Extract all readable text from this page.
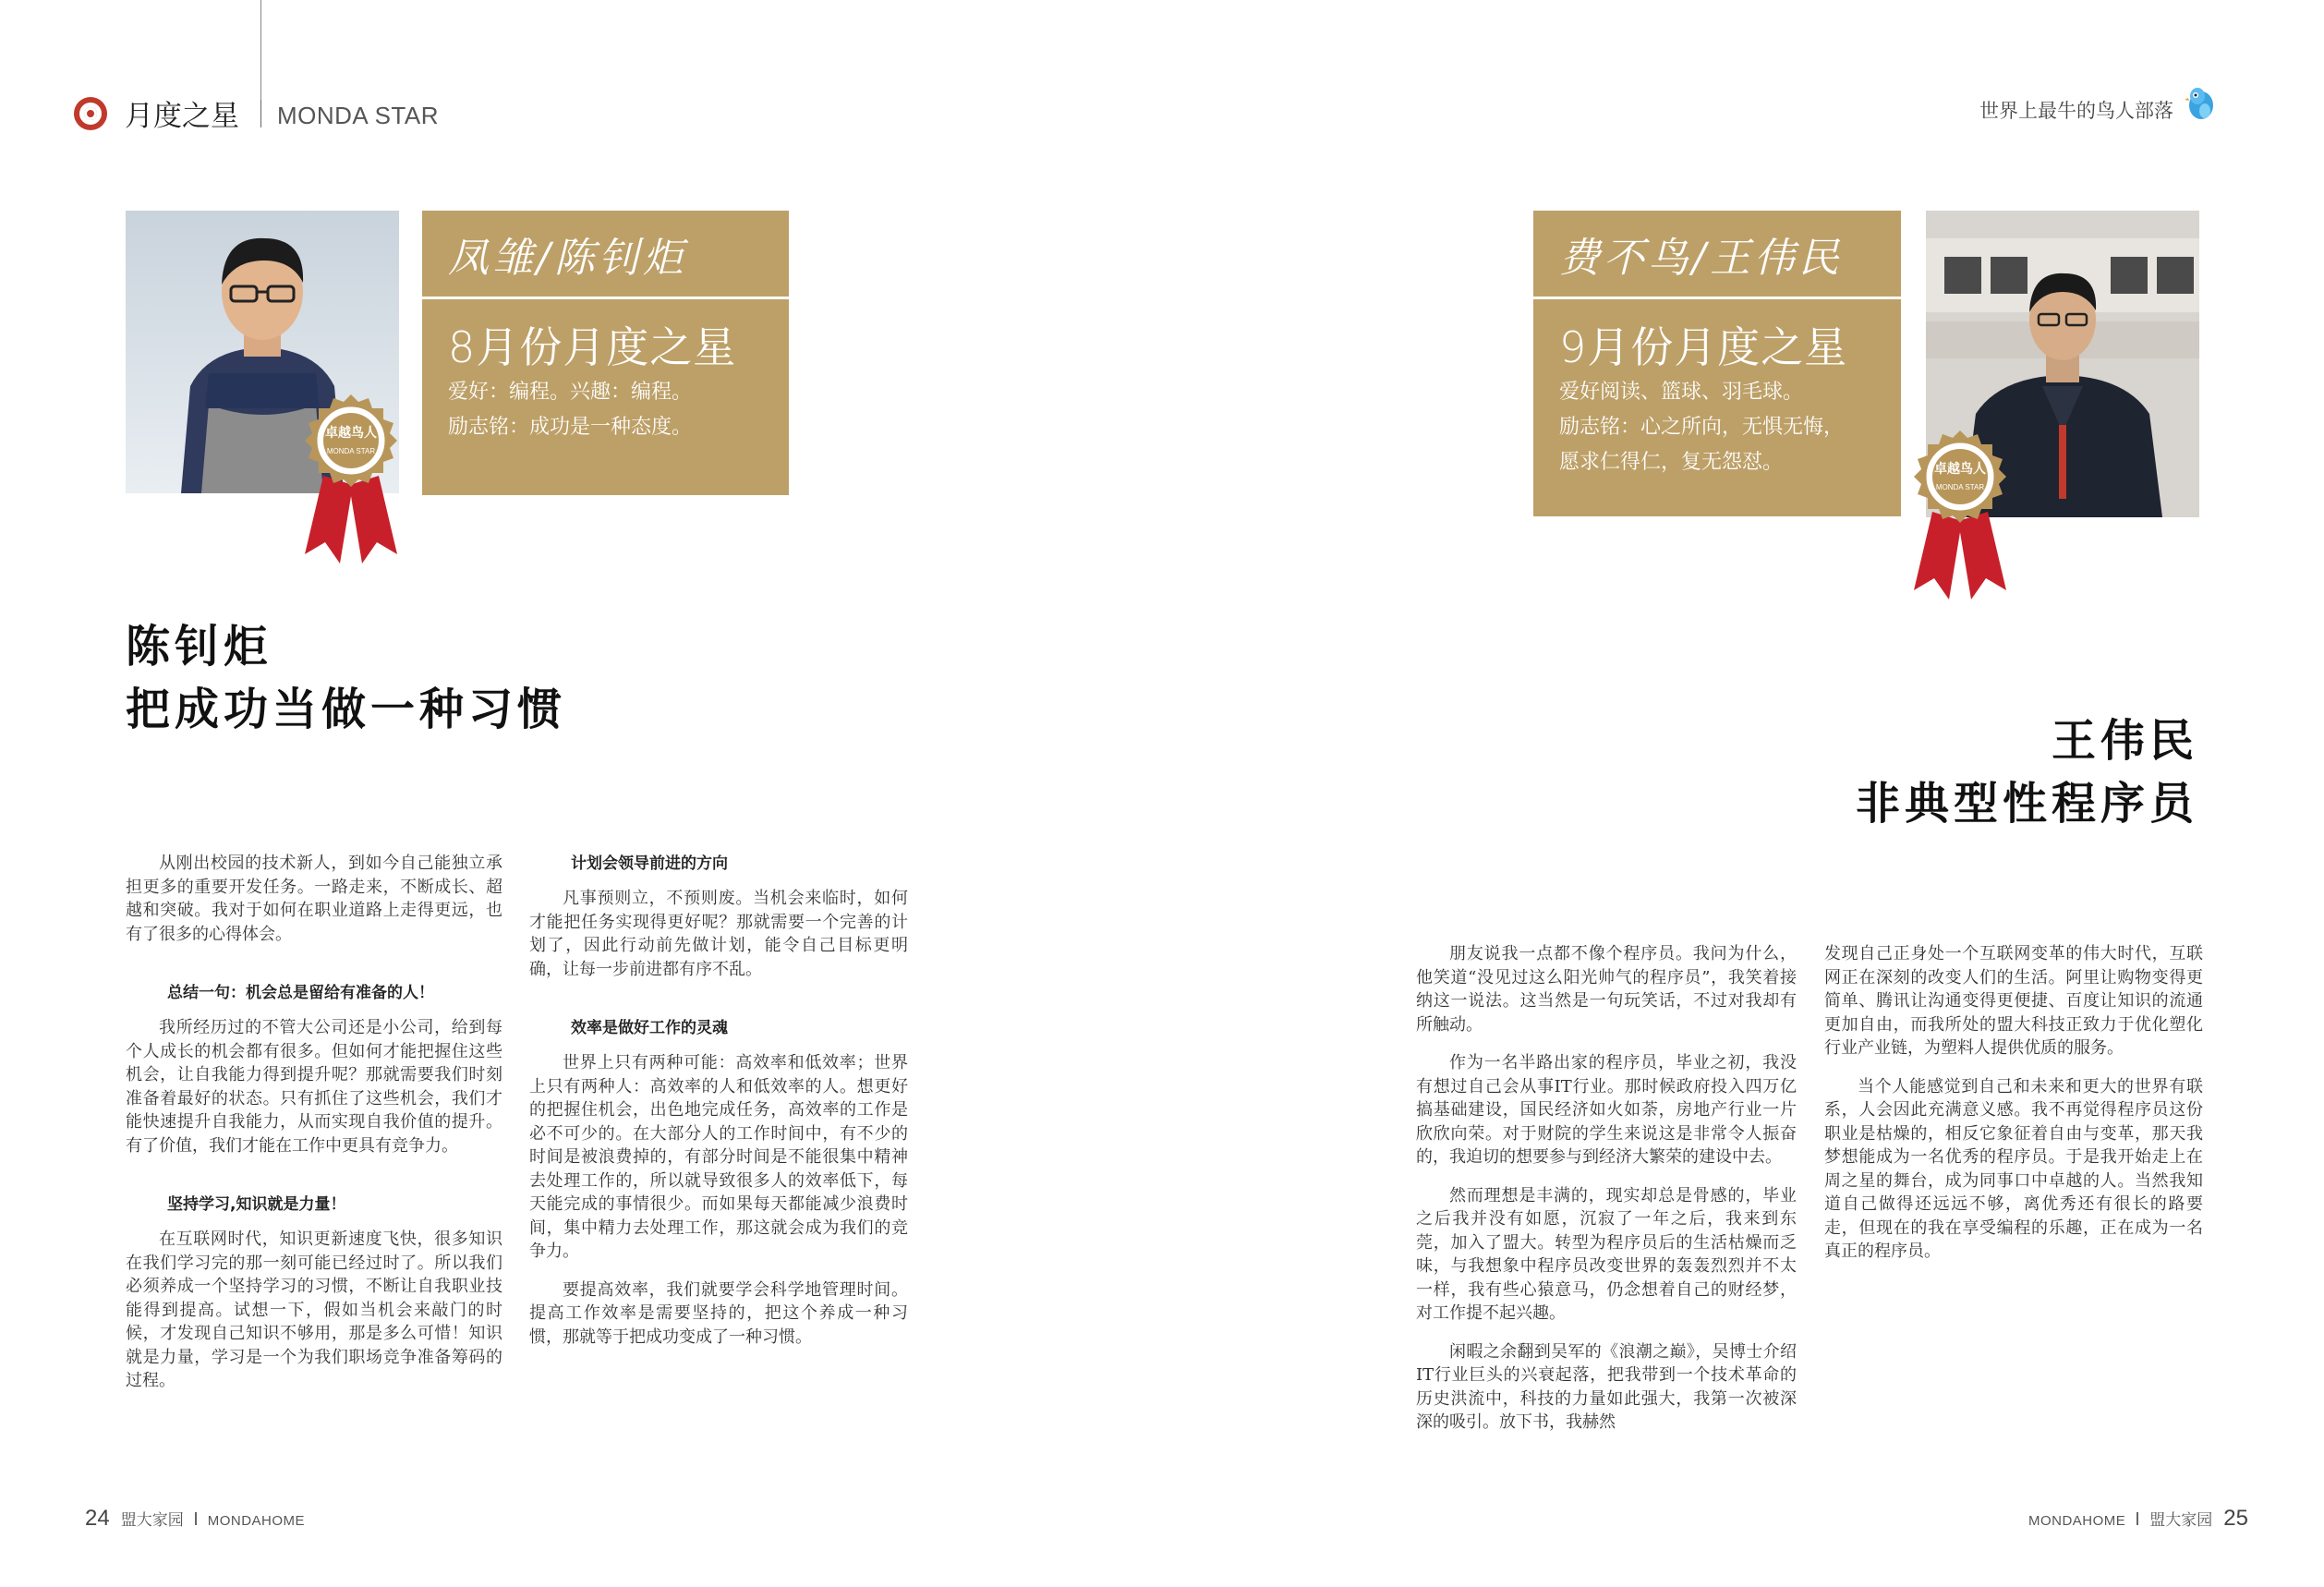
月度之星 MONDA STAR	世界上最牛的鸟人部落
凤雏/陈钊炬
8月份月度之星
爱好：编程。兴趣：编程。
励志铭：成功是一种态度。
卓越鸟人
MONDA STAR
陈钊炬
把成功当做一种习惯

从刚出校园的技术新人，到如今自己能独立承担更多的重要开发任务。一路走来，不断成长、超越和突破。我对于如何在职业道路上走得更远，也有了很多的心得体会。

总结一句：机会总是留给有准备的人！

我所经历过的不管大公司还是小公司，给到每个人成长的机会都有很多。但如何才能把握住这些机会，让自我能力得到提升呢？那就需要我们时刻准备着最好的状态。只有抓住了这些机会，我们才能快速提升自我能力，从而实现自我价值的提升。有了价值，我们才能在工作中更具有竞争力。

坚持学习,知识就是力量！

在互联网时代，知识更新速度飞快，很多知识在我们学习完的那一刻可能已经过时了。所以我们必须养成一个坚持学习的习惯，不断让自我职业技能得到提高。试想一下，假如当机会来敲门的时候，才发现自己知识不够用，那是多么可惜！知识就是力量，学习是一个为我们职场竞争准备筹码的过程。

计划会领导前进的方向

凡事预则立，不预则废。当机会来临时，如何才能把任务实现得更好呢？那就需要一个完善的计划了，因此行动前先做计划，能令自己目标更明确，让每一步前进都有序不乱。

效率是做好工作的灵魂

世界上只有两种可能：高效率和低效率；世界上只有两种人：高效率的人和低效率的人。想更好的把握住机会，出色地完成任务，高效率的工作是必不可少的。在大部分人的工作时间中，有不少的时间是被浪费掉的，有部分时间是不能很集中精神去处理工作的，所以就导致很多人的效率低下，每天能完成的事情很少。而如果每天都能减少浪费时间，集中精力去处理工作，那这就会成为我们的竞争力。

要提高效率，我们就要学会科学地管理时间。提高工作效率是需要坚持的，把这个养成一种习惯，那就等于把成功变成了一种习惯。

24 盟大家园 MONDAHOME
费不鸟/王伟民
9月份月度之星
爱好阅读、篮球、羽毛球。
励志铭：心之所向，无惧无悔，
愿求仁得仁，复无怨怼。	卓越鸟人
MONDA STAR
王伟民
非典型性程序员

朋友说我一点都不像个程序员。我问为什么，他笑道“没见过这么阳光帅气的程序员”，我笑着接纳这一说法。这当然是一句玩笑话，不过对我却有所触动。

作为一名半路出家的程序员，毕业之初，我没有想过自己会从事IT行业。那时候政府投入四万亿搞基础建设，国民经济如火如荼，房地产行业一片欣欣向荣。对于财院的学生来说这是非常令人振奋的，我迫切的想要参与到经济大繁荣的建设中去。

然而理想是丰满的，现实却总是骨感的，毕业之后我并没有如愿，沉寂了一年之后，我来到东莞，加入了盟大。转型为程序员后的生活枯燥而乏味，与我想象中程序员改变世界的轰轰烈烈并不太一样，我有些心猿意马，仍念想着自己的财经梦，对工作提不起兴趣。

闲暇之余翻到吴军的《浪潮之巅》，吴博士介绍IT行业巨头的兴衰起落，把我带到一个技术革命的历史洪流中，科技的力量如此强大，我第一次被深深的吸引。放下书，我赫然

发现自己正身处一个互联网变革的伟大时代，互联网正在深刻的改变人们的生活。阿里让购物变得更简单、腾讯让沟通变得更便捷、百度让知识的流通更加自由，而我所处的盟大科技正致力于优化塑化行业产业链，为塑料人提供优质的服务。

当个人能感觉到自己和未来和更大的世界有联系，人会因此充满意义感。我不再觉得程序员这份职业是枯燥的，相反它象征着自由与变革，那天我梦想能成为一名优秀的程序员。于是我开始走上在周之星的舞台，成为同事口中卓越的人。当然我知道自己做得还远远不够，离优秀还有很长的路要走，但现在的我在享受编程的乐趣，正在成为一名真正的程序员。

MONDAHOME 盟大家园 25
